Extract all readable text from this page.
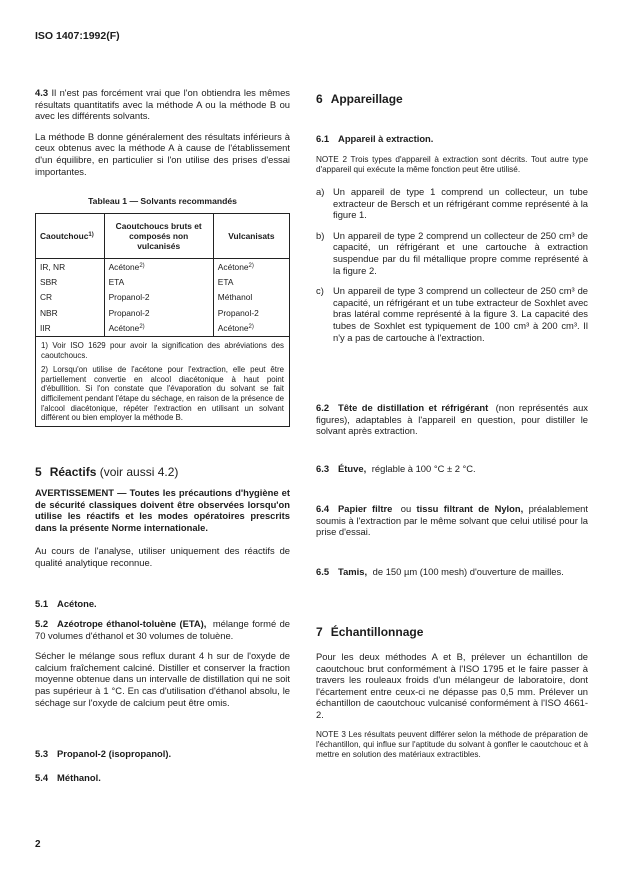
ISO 1407:1992(F)

4.3 Il n'est pas forcément vrai que l'on obtiendra les mêmes résultats quantitatifs avec la méthode A ou la méthode B ou avec les différents solvants.

La méthode B donne généralement des résultats inférieurs à ceux obtenus avec la méthode A à cause de l'établissement d'un équilibre, en particulier si l'on utilise des prises d'essai importantes.

Tableau 1 — Solvants recommandés

Caoutchouc$^{1)}$	Caoutchoucs bruts et composés non vulcanisés	Vulcanisats
IR, NR	Acétone$^{2)}$	Acétone$^{2)}$
SBR	ETA	ETA
CR	Propanol-2	Méthanol
NBR	Propanol-2	Propanol-2
IIR	Acétone$^{2)}$	Acétone$^{2)}$

1) Voir ISO 1629 pour avoir la signification des abréviations des caoutchoucs.

2) Lorsqu'on utilise de l'acétone pour l'extraction, elle peut être partiellement convertie en alcool diacétonique à haut point d'ébullition. Si l'on constate que l'évaporation du solvant se fait difficilement pendant l'étape du séchage, en raison de la présence de l'alcool diacétonique, répéter l'extraction en utilisant un solvant différent ou bien employer la méthode B.		

5 Réactifs (voir aussi 4.2)

AVERTISSEMENT — Toutes les précautions d'hygiène et de sécurité classiques doivent être observées lorsqu'on utilise les réactifs et les modes opératoires prescrits dans la présente Norme internationale.

Au cours de l'analyse, utiliser uniquement des réactifs de qualité analytique reconnue.

5.1 Acétone.

5.2 Azéotrope éthanol-toluène (ETA), mélange formé de 70 volumes d'éthanol et 30 volumes de toluène.

Sécher le mélange sous reflux durant 4 h sur de l'oxyde de calcium fraîchement calciné. Distiller et conserver la fraction moyenne obtenue dans un intervalle de distillation qui ne soit pas supérieur à 1 °C. En cas d'utilisation d'éthanol absolu, le séchage sur l'oxyde de calcium peut être omis.

5.3 Propanol-2 (isopropanol).

5.4 Méthanol.

6 Appareillage

6.1 Appareil à extraction.

NOTE 2 Trois types d'appareil à extraction sont décrits. Tout autre type d'appareil qui exécute la même fonction peut être utilisé.

a) Un appareil de type 1 comprend un collecteur, un tube extracteur de Bersch et un réfrigérant comme représenté à la figure 1.
b) Un appareil de type 2 comprend un collecteur de 250 cm³ de capacité, un réfrigérant et une cartouche à extraction suspendue par du fil métallique propre comme représenté à la figure 2.
c) Un appareil de type 3 comprend un collecteur de 250 cm³ de capacité, un réfrigérant et un tube extracteur de Soxhlet avec bras latéral comme représenté à la figure 3. La capacité des tubes de Soxhlet est typiquement de 100 cm³ à 200 cm³. Il n'y a pas de cartouche à l'extraction.

6.2 Tête de distillation et réfrigérant (non représentés aux figures), adaptables à l'appareil en question, pour distiller le solvant après extraction.

6.3 Étuve, réglable à 100 °C ± 2 °C.

6.4 Papier filtre ou tissu filtrant de Nylon, préalablement soumis à l'extraction par le même solvant que celui utilisé pour la prise d'essai.

6.5 Tamis, de 150 µm (100 mesh) d'ouverture de mailles.

7 Échantillonnage

Pour les deux méthodes A et B, prélever un échantillon de caoutchouc brut conformément à l'ISO 1795 et le faire passer à travers les rouleaux froids d'un mélangeur de laboratoire, dont l'écartement entre ceux-ci ne dépasse pas 0,5 mm. Prélever un échantillon de caoutchouc vulcanisé conformément à l'ISO 4661-2.

NOTE 3 Les résultats peuvent différer selon la méthode de préparation de l'échantillon, qui influe sur l'aptitude du solvant à gonfler le caoutchouc et à mettre en solution des matériaux extractibles.

2
